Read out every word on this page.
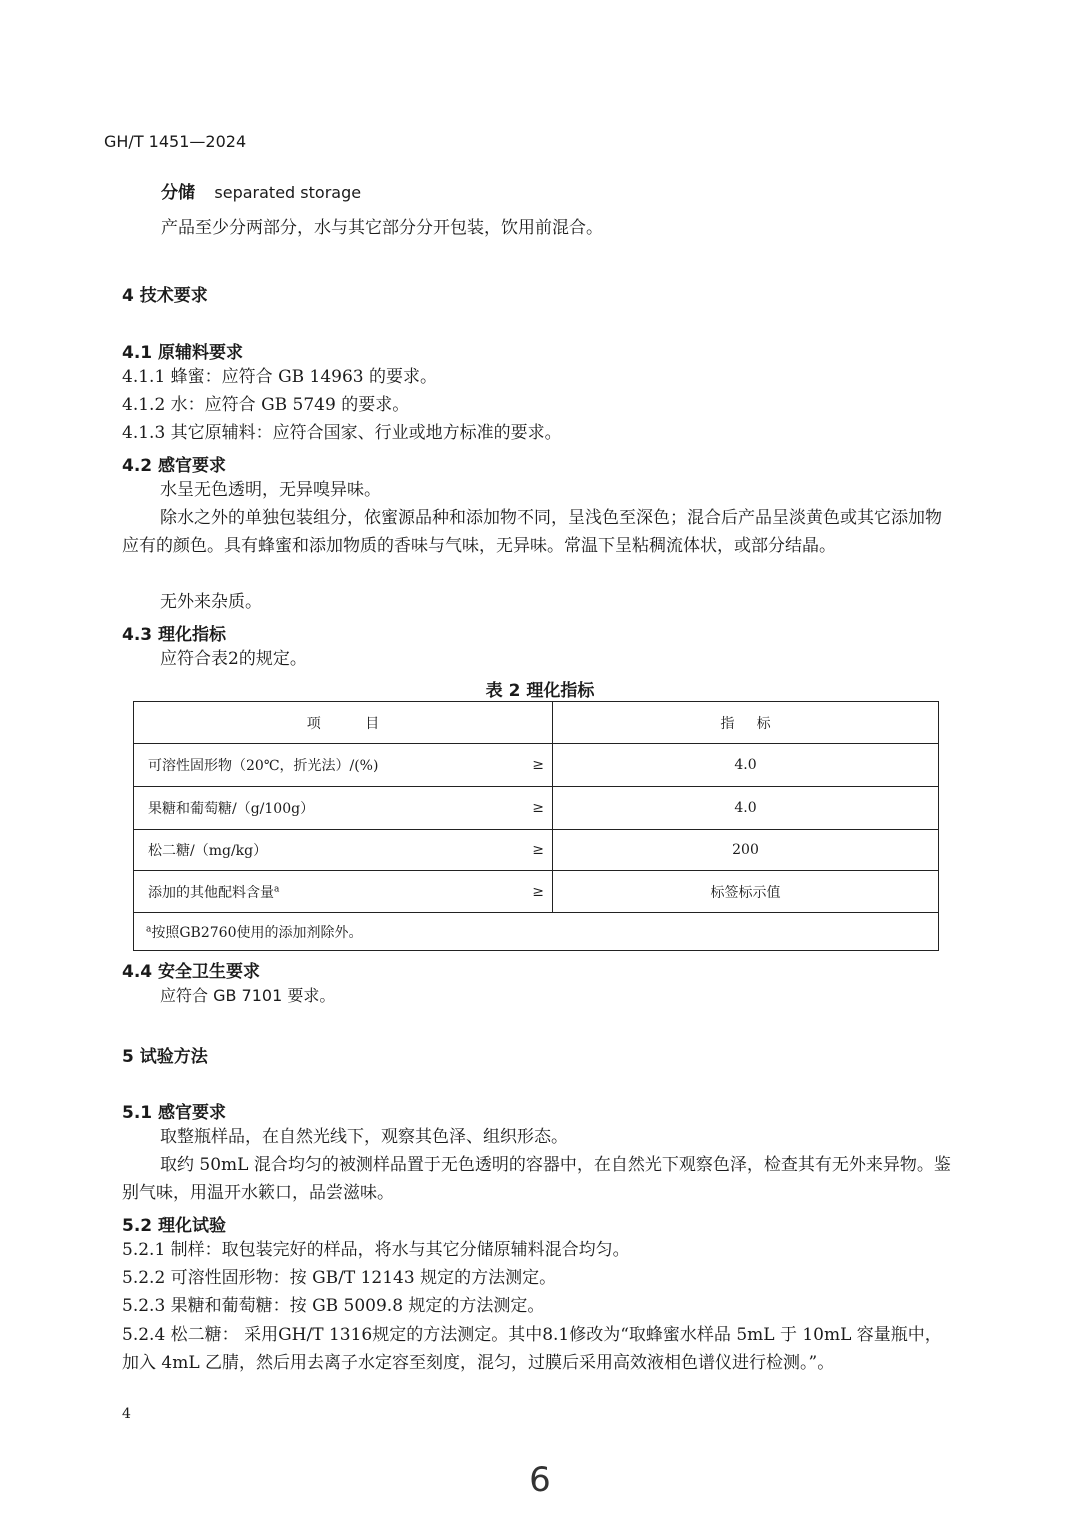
GH/T 1451—2024
分储 separated storage
产品至少分两部分，水与其它部分分开包装，饮用前混合。
4 技术要求
4.1 原辅料要求
4.1.1 蜂蜜：应符合 GB 14963 的要求。
4.1.2 水：应符合 GB 5749 的要求。
4.1.3 其它原辅料：应符合国家、行业或地方标准的要求。
4.2 感官要求
水呈无色透明，无异嗅异味。
除水之外的单独包装组分，依蜜源品种和添加物不同，呈浅色至深色；混合后产品呈淡黄色或其它添加物应有的颜色。具有蜂蜜和添加物质的香味与气味，无异味。常温下呈粘稠流体状，或部分结晶。
无外来杂质。
4.3 理化指标
应符合表2的规定。
表 2 理化指标
项          目	指     标
可溶性固形物（20℃，折光法）/(%) ≥	4.0
果糖和葡萄糖/（g/100g） ≥	4.0
松二糖/（mg/kg） ≥	200
添加的其他配料含量$^a$ ≥	标签标示值
$^a$按照GB2760使用的添加剂除外。	
4.4 安全卫生要求
应符合 GB 7101 要求。
5 试验方法
5.1 感官要求
取整瓶样品，在自然光线下，观察其色泽、组织形态。
取约 50mL 混合均匀的被测样品置于无色透明的容器中，在自然光下观察色泽，检查其有无外来异物。鉴别气味，用温开水簌口，品尝滋味。
5.2 理化试验
5.2.1 制样：取包装完好的样品，将水与其它分储原辅料混合均匀。
5.2.2 可溶性固形物：按 GB/T 12143 规定的方法测定。
5.2.3 果糖和葡萄糖：按 GB 5009.8 规定的方法测定。
5.2.4 松二糖： 采用GH/T 1316规定的方法测定。其中8.1修改为“取蜂蜜水样品 5mL 于 10mL 容量瓶中，加入 4mL 乙腈，然后用去离子水定容至刻度，混匀，过膜后采用高效液相色谱仪进行检测。”。
4
6
